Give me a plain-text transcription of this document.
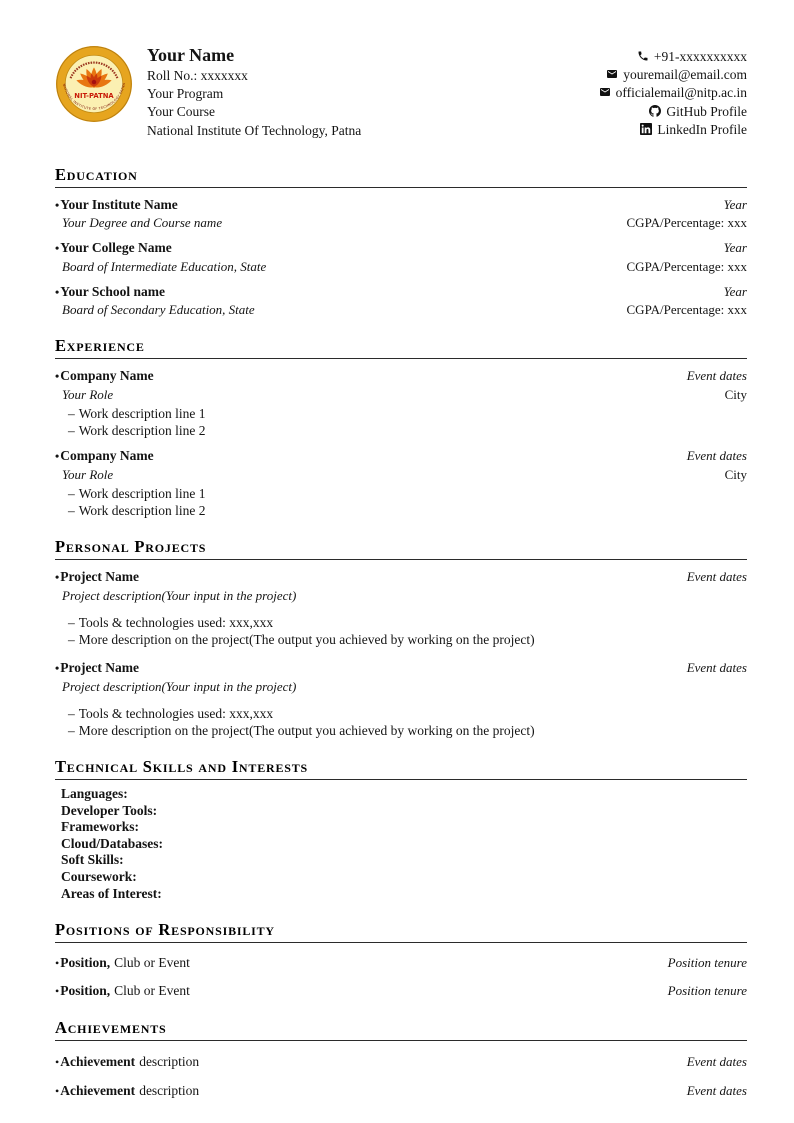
NIT-PATNA
NATIONAL INSTITUTE OF TECHNOLOGY PATNA
Your Name
Roll No.: xxxxxxx
Your Program
Your Course
National Institute Of Technology, Patna
+91-xxxxxxxxxx
youremail@email.com
officialemail@nitp.ac.in
GitHub Profile
LinkedIn Profile
Education
•Your Institute Name	Year
Your Degree and Course name	CGPA/Percentage: xxx
•Your College Name	Year
Board of Intermediate Education, State	CGPA/Percentage: xxx
•Your School name	Year
Board of Secondary Education, State	CGPA/Percentage: xxx
Experience
•Company Name	Event dates
Your Role	City
– Work description line 1
– Work description line 2
•Company Name	Event dates
Your Role	City
– Work description line 1
– Work description line 2
Personal Projects
•Project Name	Event dates
Project description(Your input in the project)
– Tools & technologies used: xxx,xxx
– More description on the project(The output you achieved by working on the project)
•Project Name	Event dates
Project description(Your input in the project)
– Tools & technologies used: xxx,xxx
– More description on the project(The output you achieved by working on the project)
Technical Skills and Interests
Languages:
Developer Tools:
Frameworks:
Cloud/Databases:
Soft Skills:
Coursework:
Areas of Interest:
Positions of Responsibility
•Position, Club or Event	Position tenure
•Position, Club or Event	Position tenure
Achievements
•Achievement description	Event dates
•Achievement description	Event dates
